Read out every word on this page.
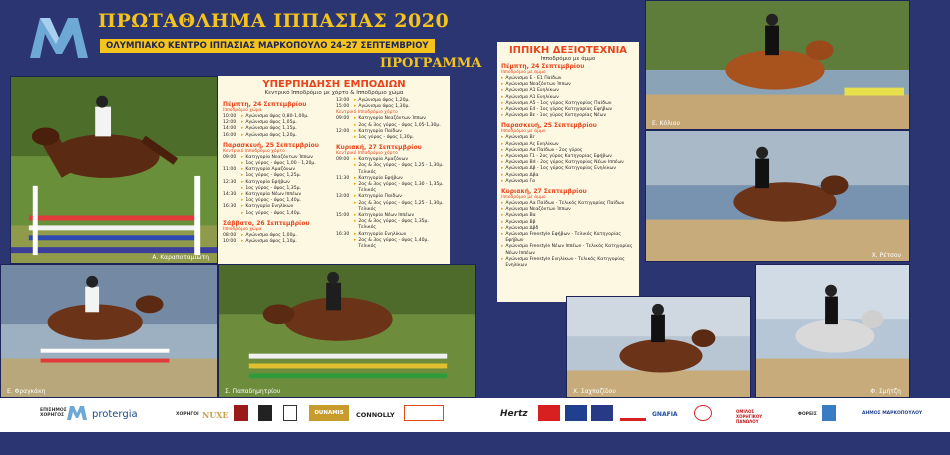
ΠΡΩΤΑΘΛΗΜΑ ΙΠΠΑΣΙΑΣ 2020
ΟΛΥΜΠΙΑΚΟ ΚΕΝΤΡΟ ΙΠΠΑΣΙΑΣ ΜΑΡΚΟΠΟΥΛΟ 24-27 ΣΕΠΤΕΜΒΡΙΟΥ
ΠΡΟΓΡΑΜΜΑ
Α. Καραποταμιώτη
ΥΠΕΡΠΗΔΗΣΗ ΕΜΠΟΔΙΩΝ
Κεντρικό Ιπποδρόμιο με χόρτο & Ιπποδρόμιο χώμα
Πέμπτη, 24 Σεπτεμβρίου
Ιπποδρόμιο χώμα
10:00	▸ Αγώνισμα όψος 0,80-1,00μ.
12:00	▸ Αγώνισμα όψος 1,05μ.
14:00	▸ Αγώνισμα όψος 1,15μ.
16:00	▸ Αγώνισμα όψος 1,20μ.
Παρασκευή, 25 Σεπτεμβρίου
Κεντρικό Ιπποδρόμιο χόρτο
09:00	▸ Κατηγορία Νεαζόντων Ίππων
▸ 1ος γύρος - όψος 1,00 - 1,20μ.
11:00	▸ Κατηγορία Αμαζόνων
▸ 1ος γύρος - όψος 1,25μ.
12:30	▸ Κατηγορία Εφήβων
▸ 1ος γύρος - όψος 1,35μ.
14:30	▸ Κατηγορία Νέων Ιππέων
▸ 1ος γύρος - όψος 1,40μ.
16:30	▸ Κατηγορία Ενηλίκων
▸ 1ος γύρος - όψος 1,40μ.
Σάββατο, 26 Σεπτεμβρίου
Ιπποδρόμιο χώμα
08:00	▸ Αγώνισμα όψος 1,00μ.
10:00	▸ Αγώνισμα όψος 1,10μ.
13:00	▸ Αγώνισμα όψος 1,20μ.
15:00	▸ Αγώνισμα όψος 1,30μ.
Κεντρικό Ιπποδρόμιο χόρτο
09:00	▸ Κατηγορία Νεαζόντων Ίππων
▸ 2ος & 3ος γύρος - όψος 1,05-1,30μ.
12:00	▸ Κατηγορία Παίδων
▸ 1ος γύρος - όψος 1,30μ.
Κυριακή, 27 Σεπτεμβρίου
Κεντρικό Ιπποδρόμιο χόρτο
09:00	▸ Κατηγορία Αμαζόνων
▸ 2ος & 3ος γύρος - όψος 1,25 - 1,30μ. Τελικός
11:30	▸ Κατηγορία Εφήβων
▸ 2ος & 3ος γύρος - όψος 1,30 - 1,35μ. Τελικός
13:00	▸ Κατηγορία Παίδων
▸ 2ος & 3ος γύρος - όψος 1,25 - 1,30μ. Τελικός
15:00	▸ Κατηγορία Νέων Ιππέων
▸ 2ος & 3ος γύρος - όψος 1,35μ. Τελικός
16:30	▸ Κατηγορία Ενηλίκων
▸ 2ος & 3ος γύρος - όψος 1,40μ. Τελικός
Ε. Φραγκάκη	Σ. Παπαδημητρίου
ΙΠΠΙΚΗ ΔΕΞΙΟΤΕΧΝΙΑ
Ιπποδρόμιο με άμμο
Πέμπτη, 24 Σεπτεμβρίου
Ιπποδρόμιο με άμμο
▸ Αγώνισμα E - E1 Παίδων
▸ Αγώνισμα Νεαζόντων Ίππων
▸ Αγώνισμα A1 Ενηλίκων
▸ Αγώνισμα A1 Ενηλίκων
▸ Αγώνισμα Α5 - 1ος γύρος Κατηγορίας Παίδων
▸ Αγώνισμα Ε4 - 1ος γύρος Κατηγορίας Εφήβων
▸ Αγώνισμα Βε - 1ος γύρος Κατηγορίας Νέων
Παρασκευή, 25 Σεπτεμβρίου
Ιπποδρόμιο με άμμο
▸ Αγώνισμα Βr
▸ Αγώνισμα Ας Ενηλίκων
▸ Αγώνισμα Αα Παίδων - 2ος γύρος
▸ Αγώνισμα Γ1 - 2ος γύρος Κατηγορίας Εφήβων
▸ Αγώνισμα Βd - 2ος γύρος Κατηγορίας Νέων Ιππέων
▸ Αγώνισμα Δβ - 1ος γύρος Κατηγορίας Ενηλίκων
▸ Αγώνισμα Δβα
▸ Αγώνισμα Γα
Κυριακή, 27 Σεπτεμβρίου
Ιπποδρόμιο με άμμο
▸ Αγώνισμα Αα Παίδων - Τελικός Κατηγορίας Παίδων
▸ Αγώνισμα Νεαζόντων Ίππων
▸ Αγώνισμα Βα
▸ Αγώνισμα Ββ
▸ Αγώνισμα Δβδ
▸ Αγώνισμα Freestyle Εφήβων - Τελικός Κατηγορίας Εφήβων
▸ Αγώνισμα Freestyle Νέων Ιππέων - Τελικός Κατηγορίας Νέων Ιππέων
▸ Αγώνισμα Freestyle Ενηλίκων - Τελικός Κατηγορίας Ενηλίκων
Ε. Κόλιου
Χ. Ρέτσου
Χ. Σαχπαζίδου	Φ. Σμήτζη
ΕΠΙΣΗΜΟΣ ΧΟΡΗΓΟΣ	protergia	ΧΟΡΗΓΟΙ NUXE	DUNAMIS	CONNOLLY	Hertz	GNAFIA	ΟΜΙΛΟΣ ΧΟΡΗΓΙΚΟΥ ΠΑΝΩΛΟΥ
ΦΟΡΕΙΣ	ΔΗΜΟΣ ΜΑΡΚΟΠΟΥΛΟΥ
